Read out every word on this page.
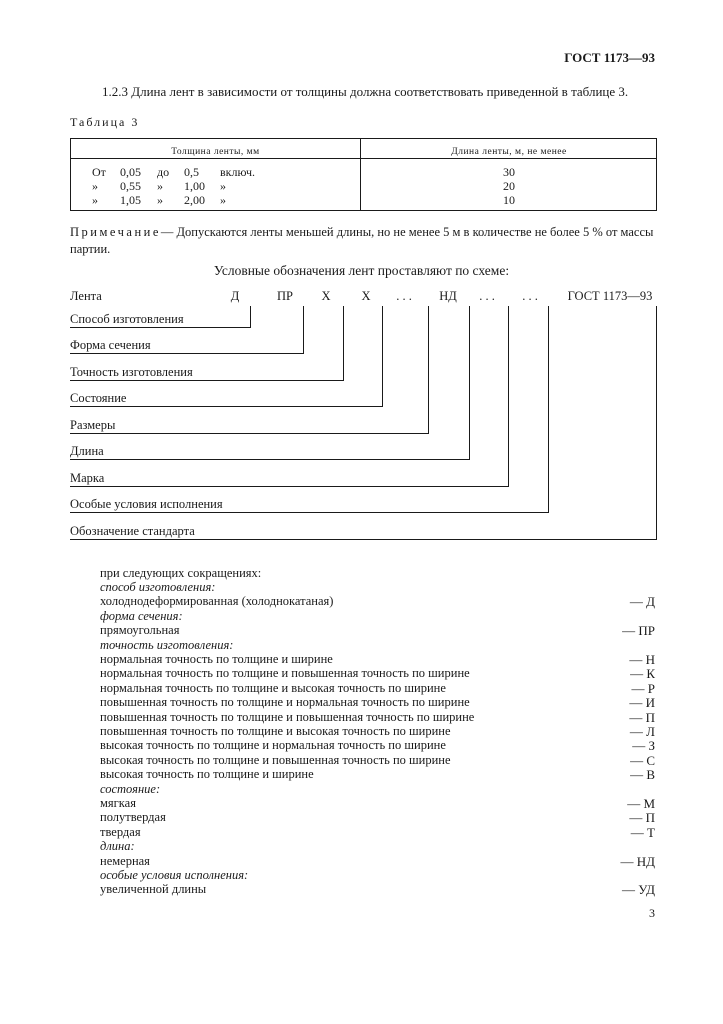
ГОСТ 1173—93
1.2.3 Длина лент в зависимости от толщины должна соответствовать приведенной в таблице 3.
Таблица 3
Толщина ленты, мм	Длина ленты, м, не менее
От 0,05 до 0,5 включ.	30
» 0,55 » 1,00 »	20
» 1,05 » 2,00 »	10
Примечание— Допускаются ленты меньшей длины, но не менее 5 м в количестве не более 5 % от массы партии.
Условные обозначения лент проставляют по схеме:
Лента	Д	ПР	Х	Х	. . .	НД	. . .	. . .	ГОСТ 1173—93
Способ изготовления
Форма сечения
Точность изготовления
Состояние
Размеры
Длина
Марка
Особые условия исполнения
Обозначение стандарта
при следующих сокращениях:
способ изготовления:
холоднодеформированная (холоднокатаная)	— Д
форма сечения:
прямоугольная	— ПР
точность изготовления:
нормальная точность по толщине и ширине	— Н
нормальная точность по толщине и повышенная точность по ширине	— К
нормальная точность по толщине и высокая точность по ширине	— Р
повышенная точность по толщине и нормальная точность по ширине	— И
повышенная точность по толщине и повышенная точность по ширине	— П
повышенная точность по толщине и высокая точность по ширине	— Л
высокая точность по толщине и нормальная точность по ширине	— З
высокая точность по толщине и повышенная точность по ширине	— С
высокая точность по толщине и ширине	— В
состояние:
мягкая	— М
полутвердая	— П
твердая	— Т
длина:
немерная	— НД
особые условия исполнения:
увеличенной длины	— УД
3
